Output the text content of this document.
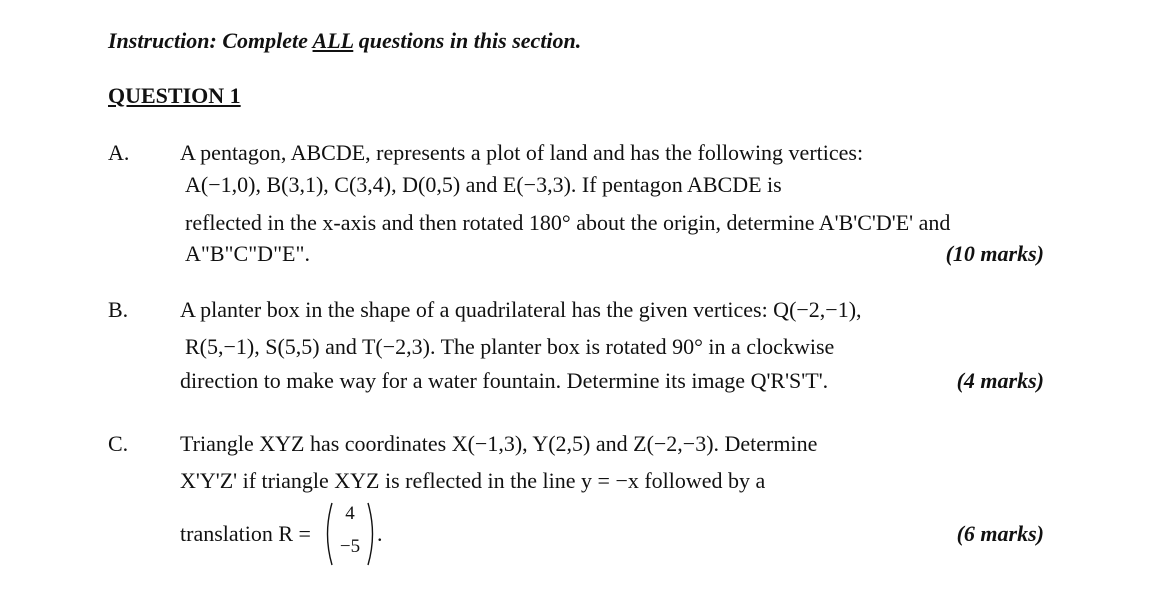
Instruction: Complete ALL questions in this section.
QUESTION 1
A. A pentagon, ABCDE, represents a plot of land and has the following vertices:
A(−1,0), B(3,1), C(3,4), D(0,5) and E(−3,3). If pentagon ABCDE is
reflected in the x-axis and then rotated 180° about the origin, determine A'B'C'D'E' and
A"B"C"D"E".	(10 marks)
B. A planter box in the shape of a quadrilateral has the given vertices: Q(−2,−1),
R(5,−1), S(5,5) and T(−2,3). The planter box is rotated 90° in a clockwise
direction to make way for a water fountain. Determine its image Q'R'S'T'.	(4 marks)
C. Triangle XYZ has coordinates X(−1,3), Y(2,5) and Z(−2,−3). Determine
X'Y'Z' if triangle XYZ is reflected in the line y = −x followed by a
translation R =
4
−5
.	(6 marks)
